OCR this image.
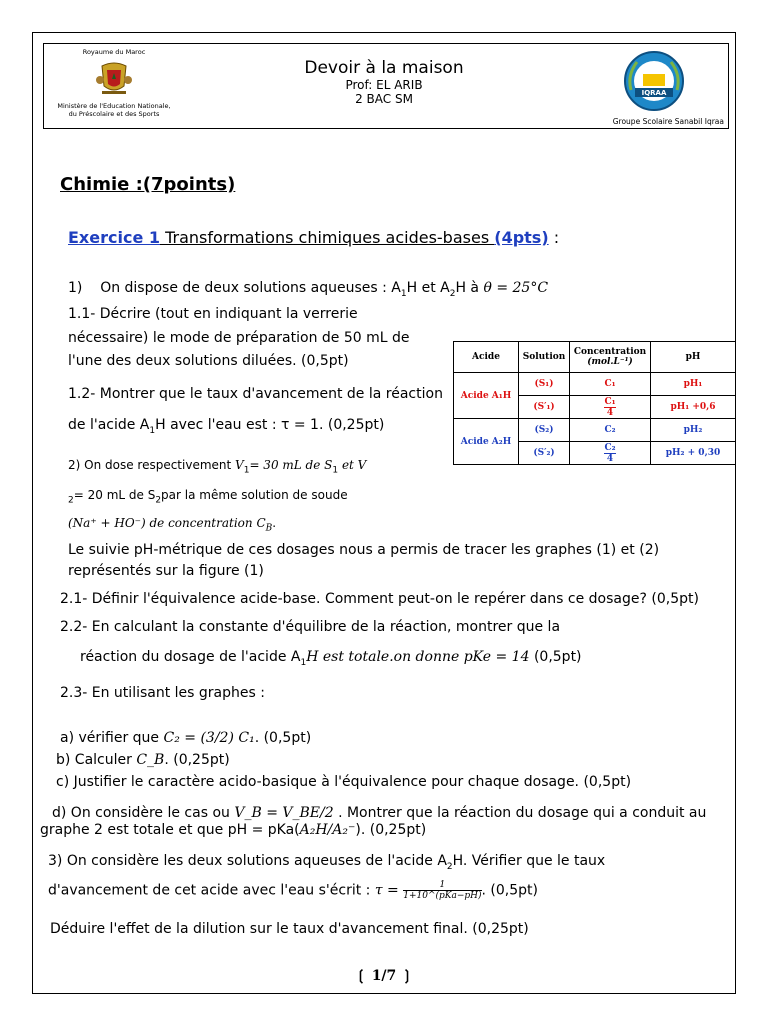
Royaume du Maroc
Ministère de l'Education Nationale,
du Préscolaire et des Sports
Devoir à la maison
Prof: EL ARIB
2 BAC SM	IQRAA
Groupe Scolaire Sanabil Iqraa
Chimie :(7points)
Exercice 1 Transformations chimiques acides-bases (4pts) :
1) On dispose de deux solutions aqueuses : $A_1H$ et $A_2H$ à θ = 25°C
1.1- Décrire (tout en indiquant la verrerie
nécessaire) le mode de préparation de 50 mL de
l'une des deux solutions diluées. (0,5pt)
1.2- Montrer que le taux d'avancement de la réaction
de l'acide $A_1H$ avec l'eau est : τ = 1. (0,25pt)
2) On dose respectivement $V_1= 30$ mL de $S_1$ et V
$_2$= 20 mL de $S_2par$ la même solution de soude
(Na⁺ + HO⁻) de concentration $C_B$.
Le suivie pH-métrique de ces dosages nous a permis de tracer les graphes (1) et (2)
représentés sur la figure (1)
2.1- Définir l'équivalence acide-base. Comment peut-on le repérer dans ce dosage? (0,5pt)
2.2- En calculant la constante d'équilibre de la réaction, montrer que la
réaction du dosage de l'acide $A_1H$ est totale.on donne pKe = 14 (0,5pt)
2.3- En utilisant les graphes :
a) vérifier que C₂ = (3/2) C₁. (0,5pt)
b) Calculer C_B. (0,25pt)
c) Justifier le caractère acido-basique à l'équivalence pour chaque dosage. (0,5pt)
d) On considère le cas ou V_B = V_BE/2 . Montrer que la réaction du dosage qui a conduit au
graphe 2 est totale et que pH = pKa(A₂H/A₂⁻). (0,25pt)
3) On considère les deux solutions aqueuses de l'acide $A_2H$. Vérifier que le taux
d'avancement de cet acide avec l'eau s'écrit : $\tau = \frac{1}{\text{1+10\textasciicircum{}(pKa−pH)}}$ . (0,5pt)
Déduire l'effet de la dilution sur le taux d'avancement final. (0,25pt)
Acide	Solution	Concentration
(mol.L⁻¹)	pH
Acide A₁H	(S₁)	C₁	pH₁
	(S′₁)	$\frac{\text{C₁}}{4}$	pH₁ +0,6
Acide A₂H	(S₂)	C₂	pH₂
	(S′₂)	$\frac{\text{C₂}}{4}$	pH₂ + 0,30
❲ 1/7 ❳
